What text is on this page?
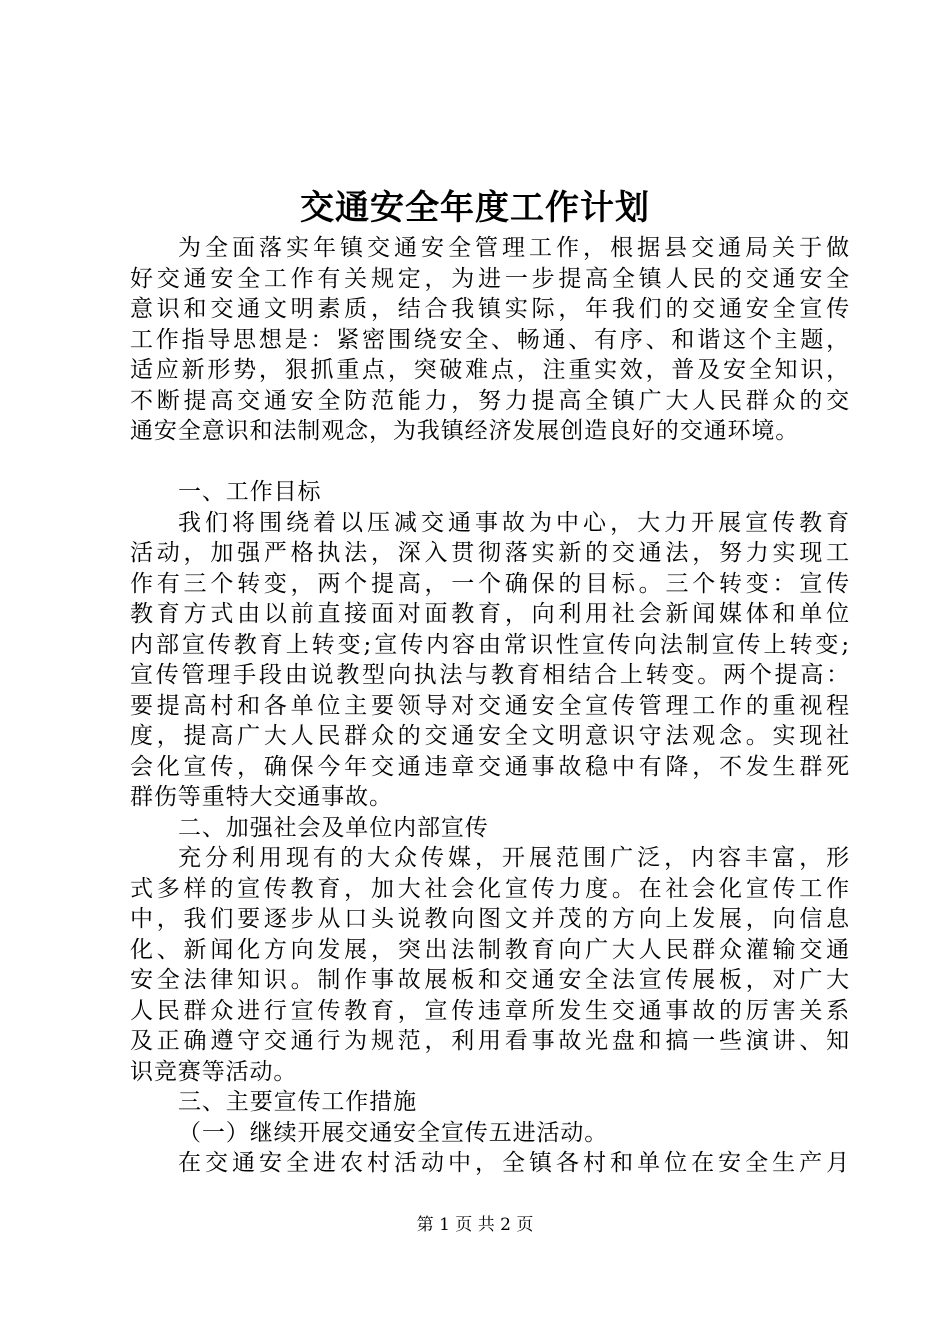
交通安全年度工作计划
为全面落实年镇交通安全管理工作，根据县交通局关于做
好交通安全工作有关规定，为进一步提高全镇人民的交通安全
意识和交通文明素质，结合我镇实际，年我们的交通安全宣传
工作指导思想是：紧密围绕安全、畅通、有序、和谐这个主题，
适应新形势，狠抓重点，突破难点，注重实效，普及安全知识，
不断提高交通安全防范能力，努力提高全镇广大人民群众的交
通安全意识和法制观念，为我镇经济发展创造良好的交通环境。
一、工作目标
我们将围绕着以压减交通事故为中心，大力开展宣传教育
活动，加强严格执法，深入贯彻落实新的交通法，努力实现工
作有三个转变，两个提高，一个确保的目标。三个转变：宣传
教育方式由以前直接面对面教育，向利用社会新闻媒体和单位
内部宣传教育上转变;宣传内容由常识性宣传向法制宣传上转变;
宣传管理手段由说教型向执法与教育相结合上转变。两个提高：
要提高村和各单位主要领导对交通安全宣传管理工作的重视程
度，提高广大人民群众的交通安全文明意识守法观念。实现社
会化宣传，确保今年交通违章交通事故稳中有降，不发生群死
群伤等重特大交通事故。
二、加强社会及单位内部宣传
充分利用现有的大众传媒，开展范围广泛，内容丰富，形
式多样的宣传教育，加大社会化宣传力度。在社会化宣传工作
中，我们要逐步从口头说教向图文并茂的方向上发展，向信息
化、新闻化方向发展，突出法制教育向广大人民群众灌输交通
安全法律知识。制作事故展板和交通安全法宣传展板，对广大
人民群众进行宣传教育，宣传违章所发生交通事故的厉害关系
及正确遵守交通行为规范，利用看事故光盘和搞一些演讲、知
识竞赛等活动。
三、主要宣传工作措施
（一）继续开展交通安全宣传五进活动。
在交通安全进农村活动中，全镇各村和单位在安全生产月
第 1 页 共 2 页
